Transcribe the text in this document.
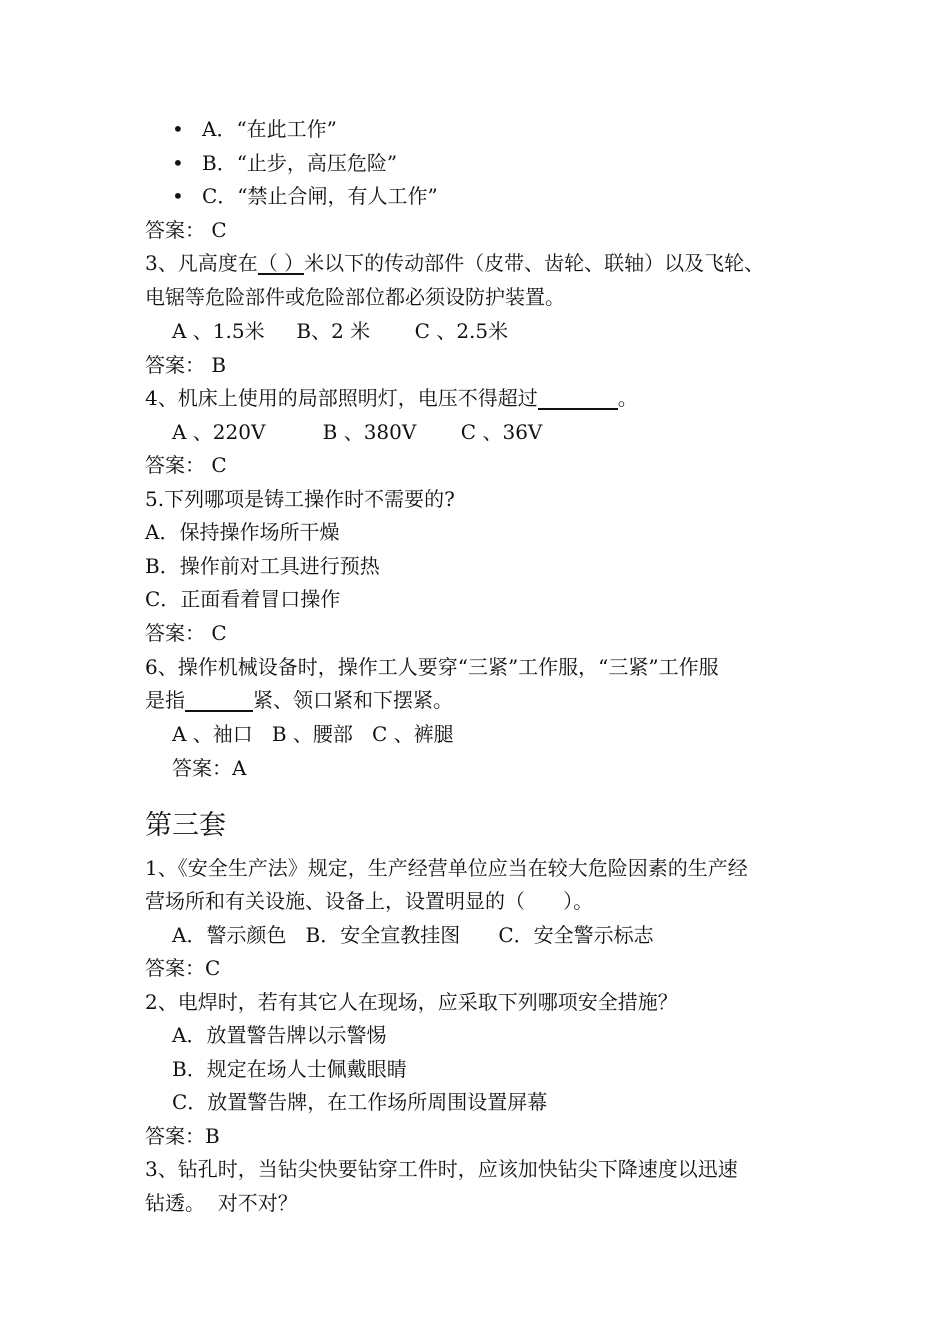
• A．“在此工作”
• B．“止步，高压危险”
• C．“禁止合闸，有人工作”
答案： C
3、凡高度在（ ）米以下的传动部件（皮带、齿轮、联轴）以及飞轮、
电锯等危险部件或危险部位都必须设防护装置。
A 、1.5米     B、2 米       C 、2.5米
答案： B
4、机床上使用的局部照明灯，电压不得超过	。
A 、220V         B 、380V       C 、36V
答案： C
5.下列哪项是铸工操作时不需要的?
A．保持操作场所干燥
B．操作前对工具进行预热
C．正面看着冒口操作
答案： C
6、操作机械设备时，操作工人要穿“三紧”工作服，“三紧”工作服
是指	紧、领口紧和下摆紧。
A 、袖口   B 、腰部   C 、裤腿
答案：A
第三套
1、《安全生产法》规定，生产经营单位应当在较大危险因素的生产经
营场所和有关设施、设备上，设置明显的（      ）。
A．警示颜色   B．安全宣教挂图      C．安全警示标志
答案：C
2、电焊时，若有其它人在现场，应采取下列哪项安全措施？
A．放置警告牌以示警惕
B．规定在场人士佩戴眼睛
C．放置警告牌，在工作场所周围设置屏幕
答案：B
3、钻孔时，当钻尖快要钻穿工件时，应该加快钻尖下降速度以迅速
钻透。  对不对？
